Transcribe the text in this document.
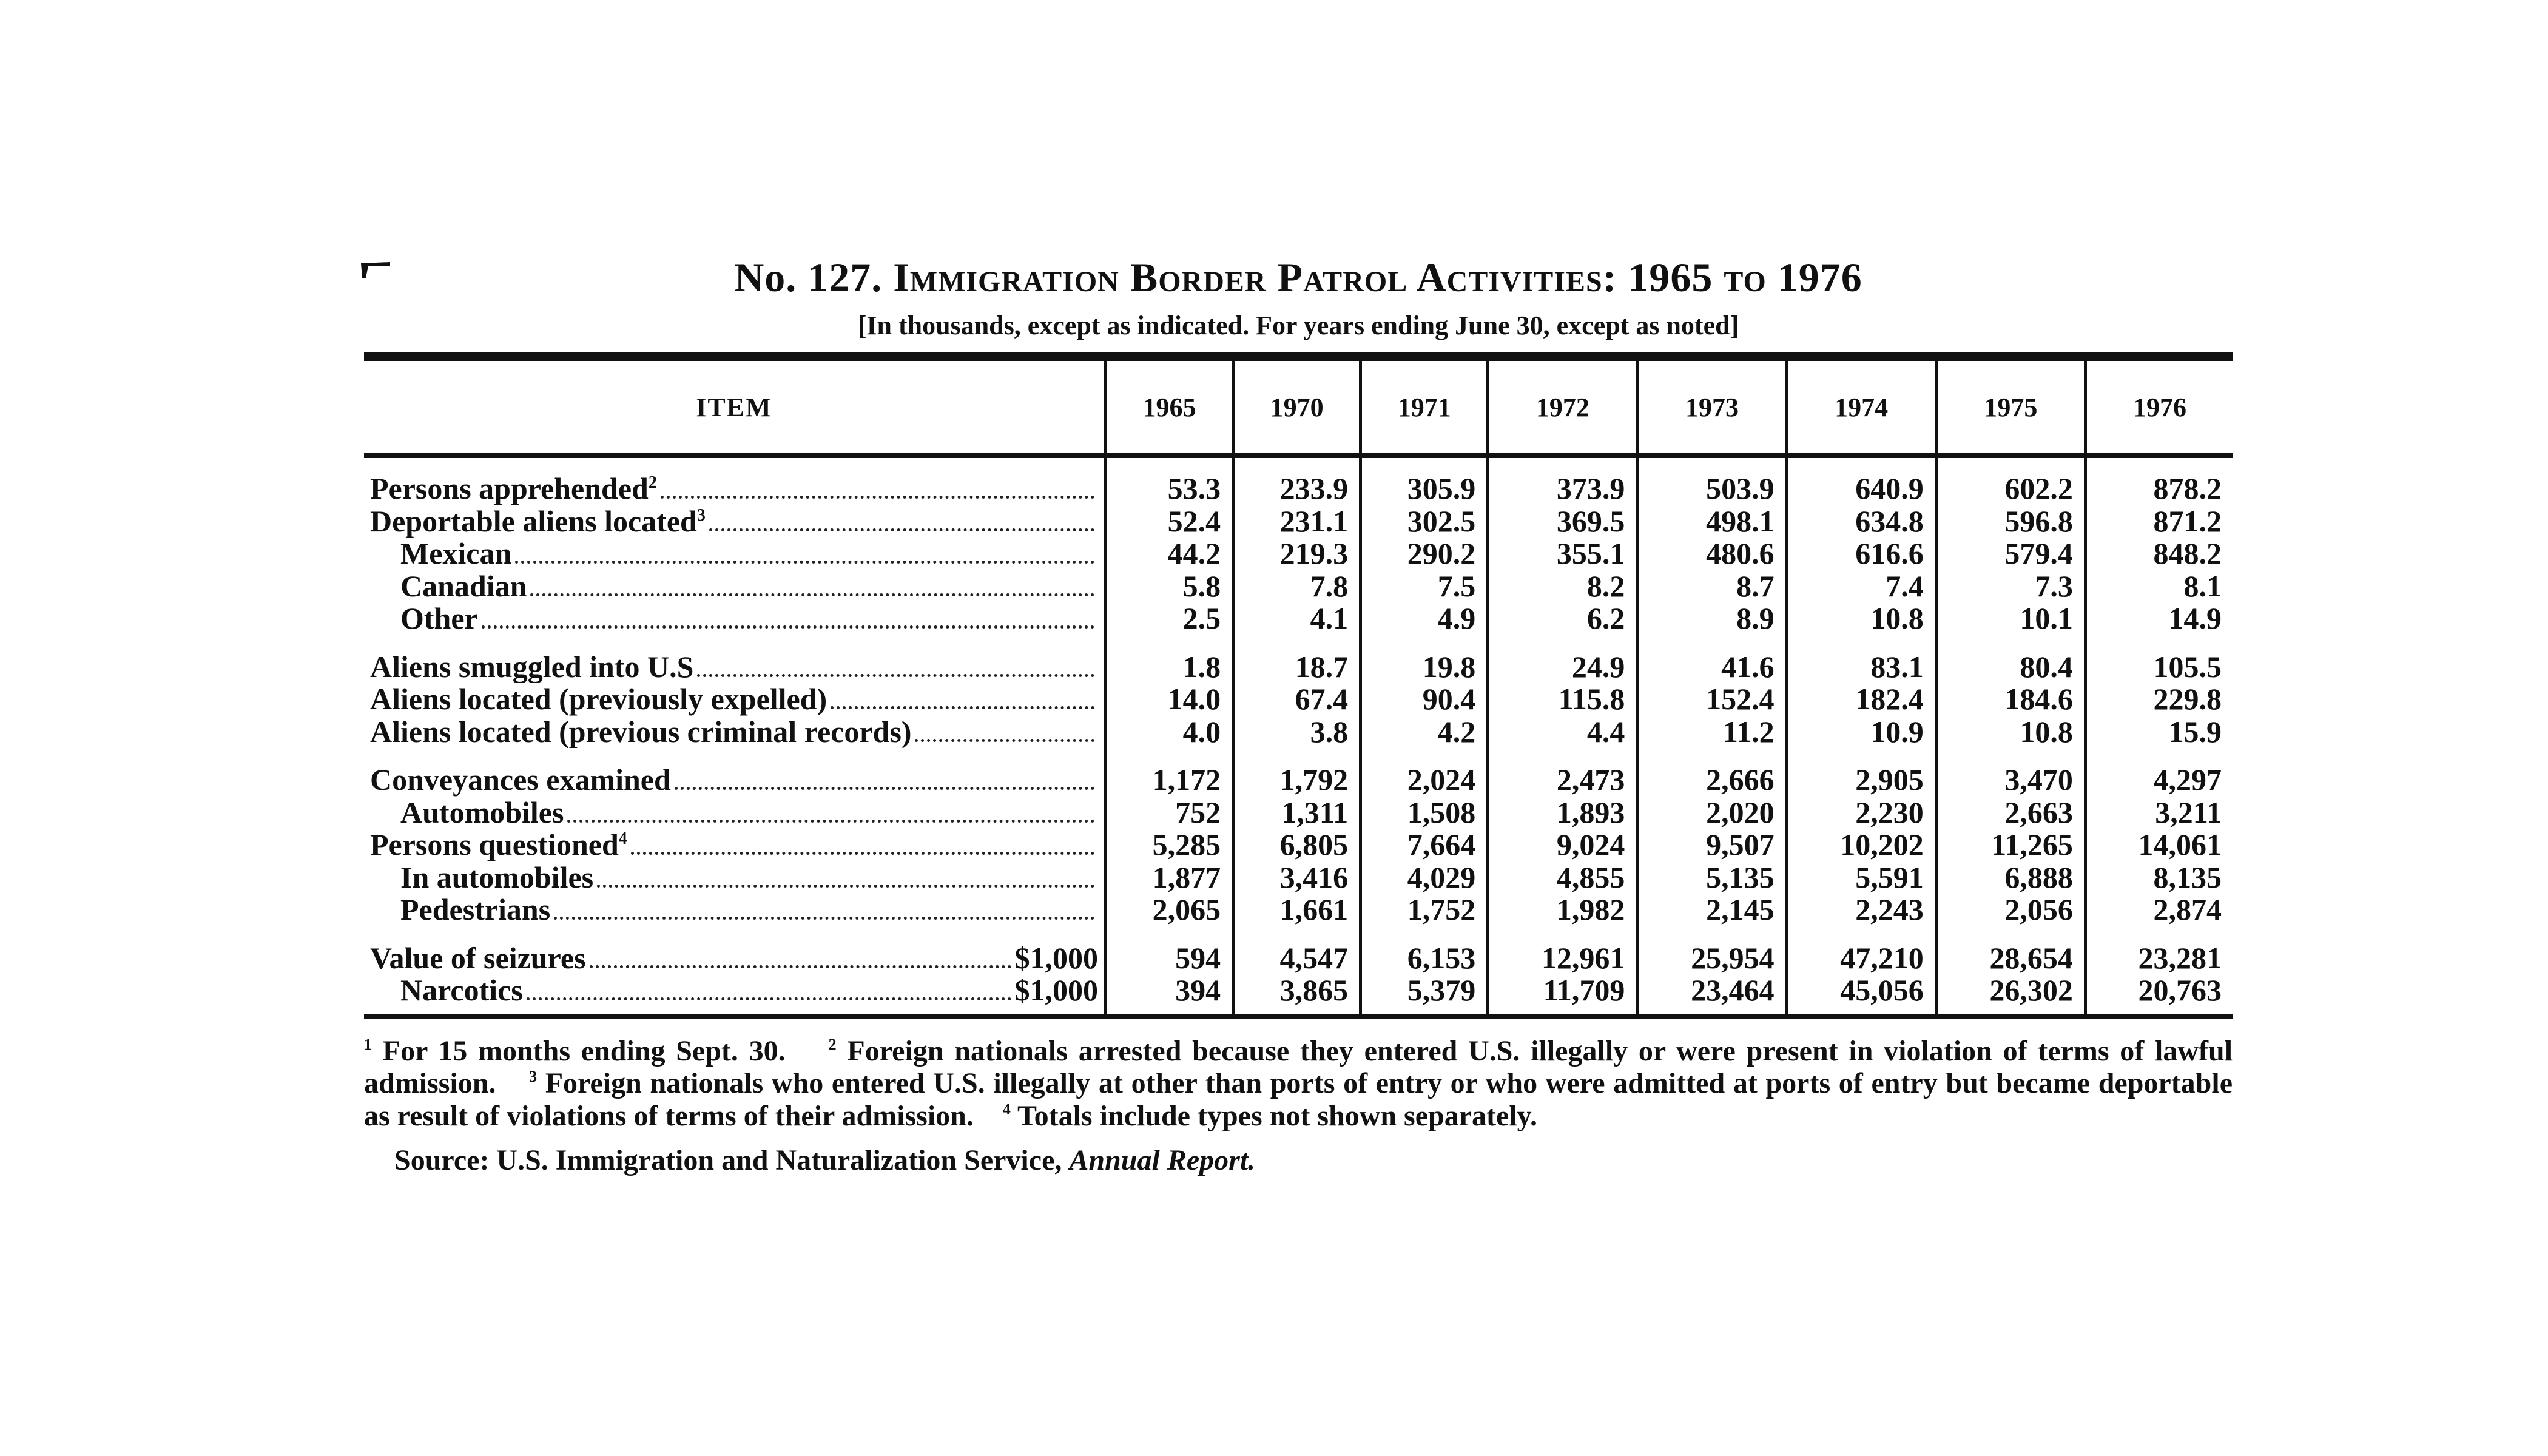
No. 127. Immigration Border Patrol Activities: 1965 to 1976
[In thousands, except as indicated. For years ending June 30, except as noted]
ITEM	1965	1970	1971	1972	1973	1974	1975	1976

Persons apprehended$^2$	53.3	233.9	305.9	373.9	503.9	640.9	602.2	878.2

Deportable aliens located$^3$	52.4	231.1	302.5	369.5	498.1	634.8	596.8	871.2

Mexican	44.2	219.3	290.2	355.1	480.6	616.6	579.4	848.2

Canadian	5.8	7.8	7.5	8.2	8.7	7.4	7.3	8.1

Other	2.5	4.1	4.9	6.2	8.9	10.8	10.1	14.9

Aliens smuggled into U.S	1.8	18.7	19.8	24.9	41.6	83.1	80.4	105.5

Aliens located (previously expelled)	14.0	67.4	90.4	115.8	152.4	182.4	184.6	229.8

Aliens located (previous criminal records)	4.0	3.8	4.2	4.4	11.2	10.9	10.8	15.9

Conveyances examined	1,172	1,792	2,024	2,473	2,666	2,905	3,470	4,297

Automobiles	752	1,311	1,508	1,893	2,020	2,230	2,663	3,211

Persons questioned$^4$	5,285	6,805	7,664	9,024	9,507	10,202	11,265	14,061

In automobiles	1,877	3,416	4,029	4,855	5,135	5,591	6,888	8,135

Pedestrians	2,065	1,661	1,752	1,982	2,145	2,243	2,056	2,874

Value of seizures $1,000	594	4,547	6,153	12,961	25,954	47,210	28,654	23,281

Narcotics $1,000	394	3,865	5,379	11,709	23,464	45,056	26,302	20,763
$^1$ For 15 months ending Sept. 30.	$^2$ Foreign nationals arrested because they entered U.S. illegally or were present in violation of terms of lawful admission. $^3$ Foreign nationals who entered U.S. illegally at other than ports of entry or who were admitted at ports of entry but became deportable as result of violations of terms of their admission. $^4$ Totals include types not shown separately.
Source: U.S. Immigration and Naturalization Service, Annual Report.
